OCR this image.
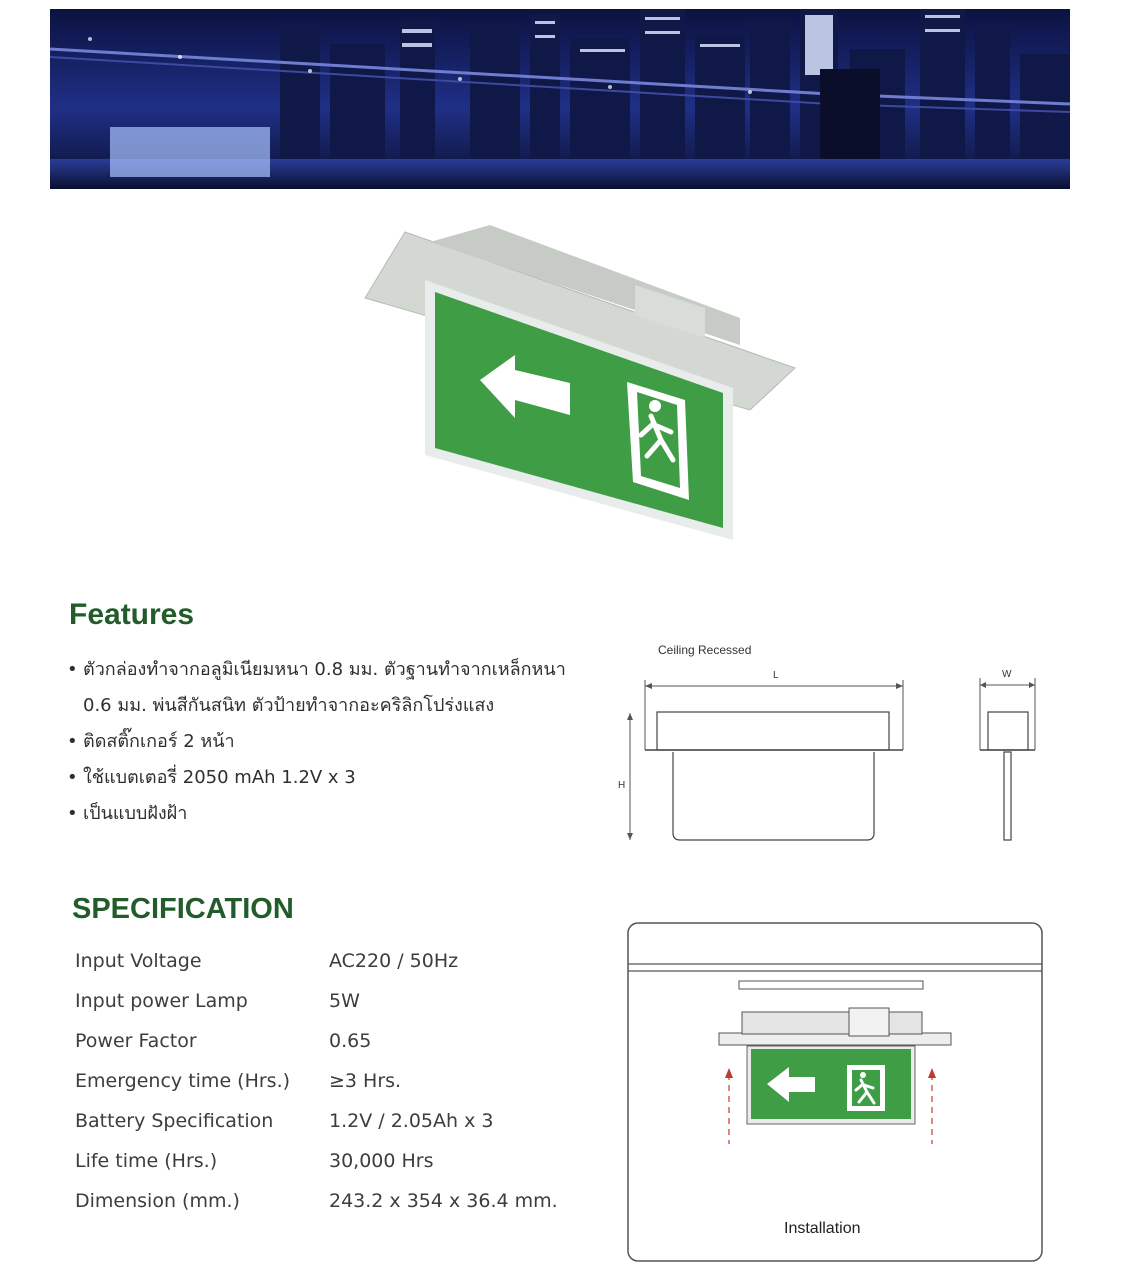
Features
• ตัวกล่องทำจากอลูมิเนียมหนา 0.8 มม. ตัวฐานทำจากเหล็กหนา 0.6 มม. พ่นสีกันสนิท ตัวป้ายทำจากอะคริลิกโปร่งแสง
• ติดสติ๊กเกอร์ 2 หน้า
• ใช้แบตเตอรี่ 2050 mAh 1.2V x 3
• เป็นแบบฝังฝ้า
Ceiling Recessed
L
H
W
SPECIFICATION
Input Voltage	AC220 / 50Hz
Input power Lamp	5W
Power Factor	0.65
Emergency time (Hrs.)	≥3 Hrs.
Battery Specification	1.2V / 2.05Ah x 3
Life time (Hrs.)	30,000 Hrs
Dimension (mm.)	243.2 x 354 x 36.4 mm.
Installation
